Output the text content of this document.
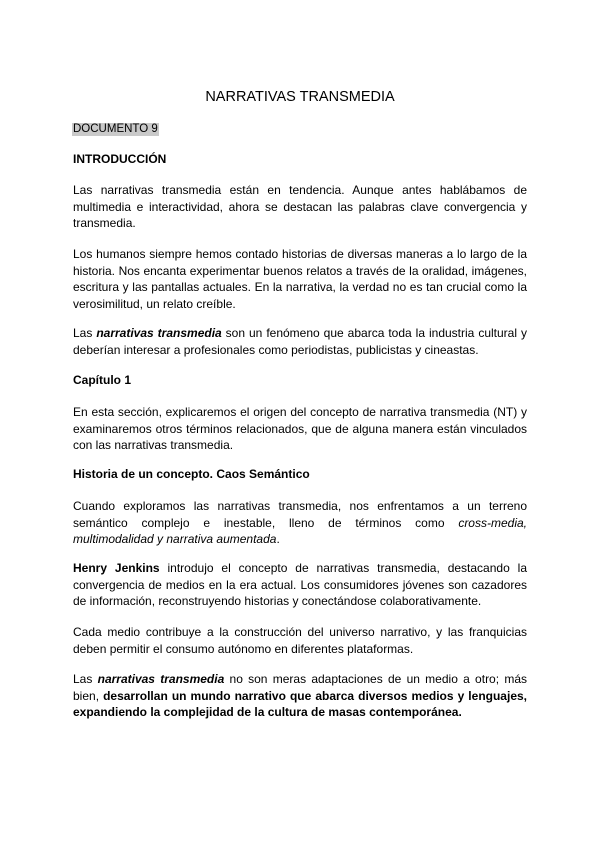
NARRATIVAS TRANSMEDIA
DOCUMENTO 9
INTRODUCCIÓN

Las narrativas transmedia están en tendencia. Aunque antes hablábamos de multimedia e interactividad, ahora se destacan las palabras clave convergencia y transmedia.

Los humanos siempre hemos contado historias de diversas maneras a lo largo de la historia. Nos encanta experimentar buenos relatos a través de la oralidad, imágenes, escritura y las pantallas actuales. En la narrativa, la verdad no es tan crucial como la verosimilitud, un relato creíble.

Las narrativas transmedia son un fenómeno que abarca toda la industria cultural y deberían interesar a profesionales como periodistas, publicistas y cineastas.

Capítulo 1

En esta sección, explicaremos el origen del concepto de narrativa transmedia (NT) y examinaremos otros términos relacionados, que de alguna manera están vinculados con las narrativas transmedia.

Historia de un concepto. Caos Semántico

Cuando exploramos las narrativas transmedia, nos enfrentamos a un terreno semántico complejo e inestable, lleno de términos como cross-media, multimodalidad y narrativa aumentada.

Henry Jenkins introdujo el concepto de narrativas transmedia, destacando la convergencia de medios en la era actual. Los consumidores jóvenes son cazadores de información, reconstruyendo historias y conectándose colaborativamente.

Cada medio contribuye a la construcción del universo narrativo, y las franquicias deben permitir el consumo autónomo en diferentes plataformas.

Las narrativas transmedia no son meras adaptaciones de un medio a otro; más bien, desarrollan un mundo narrativo que abarca diversos medios y lenguajes, expandiendo la complejidad de la cultura de masas contemporánea.
